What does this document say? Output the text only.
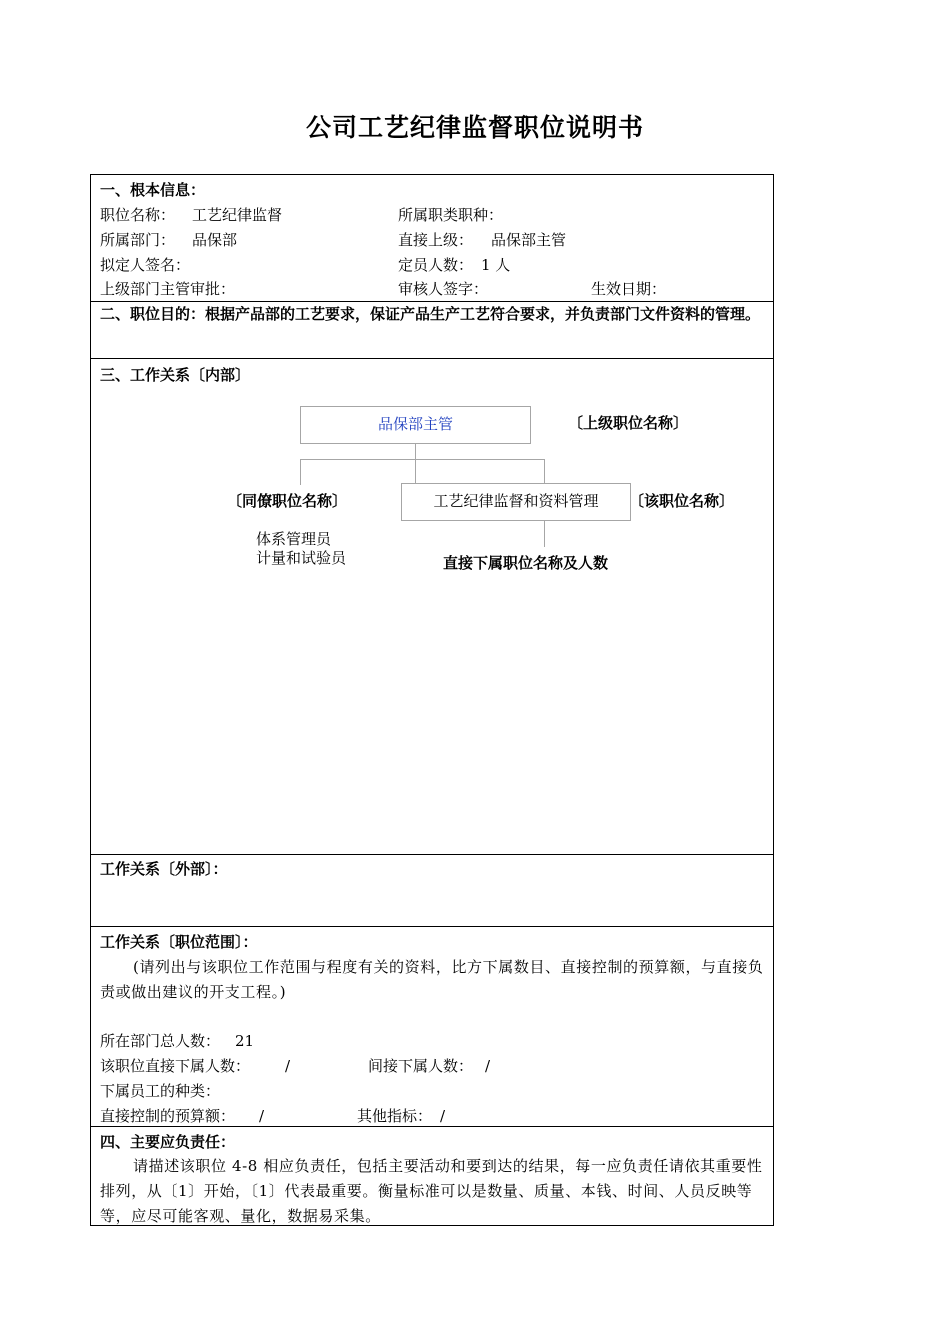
公司工艺纪律监督职位说明书
一、根本信息：
职位名称： 工艺纪律监督	所属职类职种：
所属部门： 品保部	直接上级： 品保部主管
拟定人签名：	定员人数： 1 人
上级部门主管审批：	审核人签字：	生效日期：
二、职位目的：根据产品部的工艺要求，保证产品生产工艺符合要求，并负责部门文件资料的管理。
三、工作关系〔内部〕
品保部主管	〔上级职位名称〕
〔同僚职位名称〕	工艺纪律监督和资料管理	〔该职位名称〕
体系管理员
计量和试验员	直接下属职位名称及人数
工作关系〔外部〕：
工作关系〔职位范围〕：
(请列出与该职位工作范围与程度有关的资料，比方下属数目、直接控制的预算额，与直接负责或做出建议的开支工程。)
所在部门总人数： 21
该职位直接下属人数： /	间接下属人数： /
下属员工的种类：
直接控制的预算额： /	其他指标： /
四、主要应负责任：
请描述该职位 4-8 相应负责任，包括主要活动和要到达的结果，每一应负责任请依其重要性排列，从〔1〕开始，〔1〕代表最重要。衡量标准可以是数量、质量、本钱、时间、人员反映等等，应尽可能客观、量化，数据易采集。
